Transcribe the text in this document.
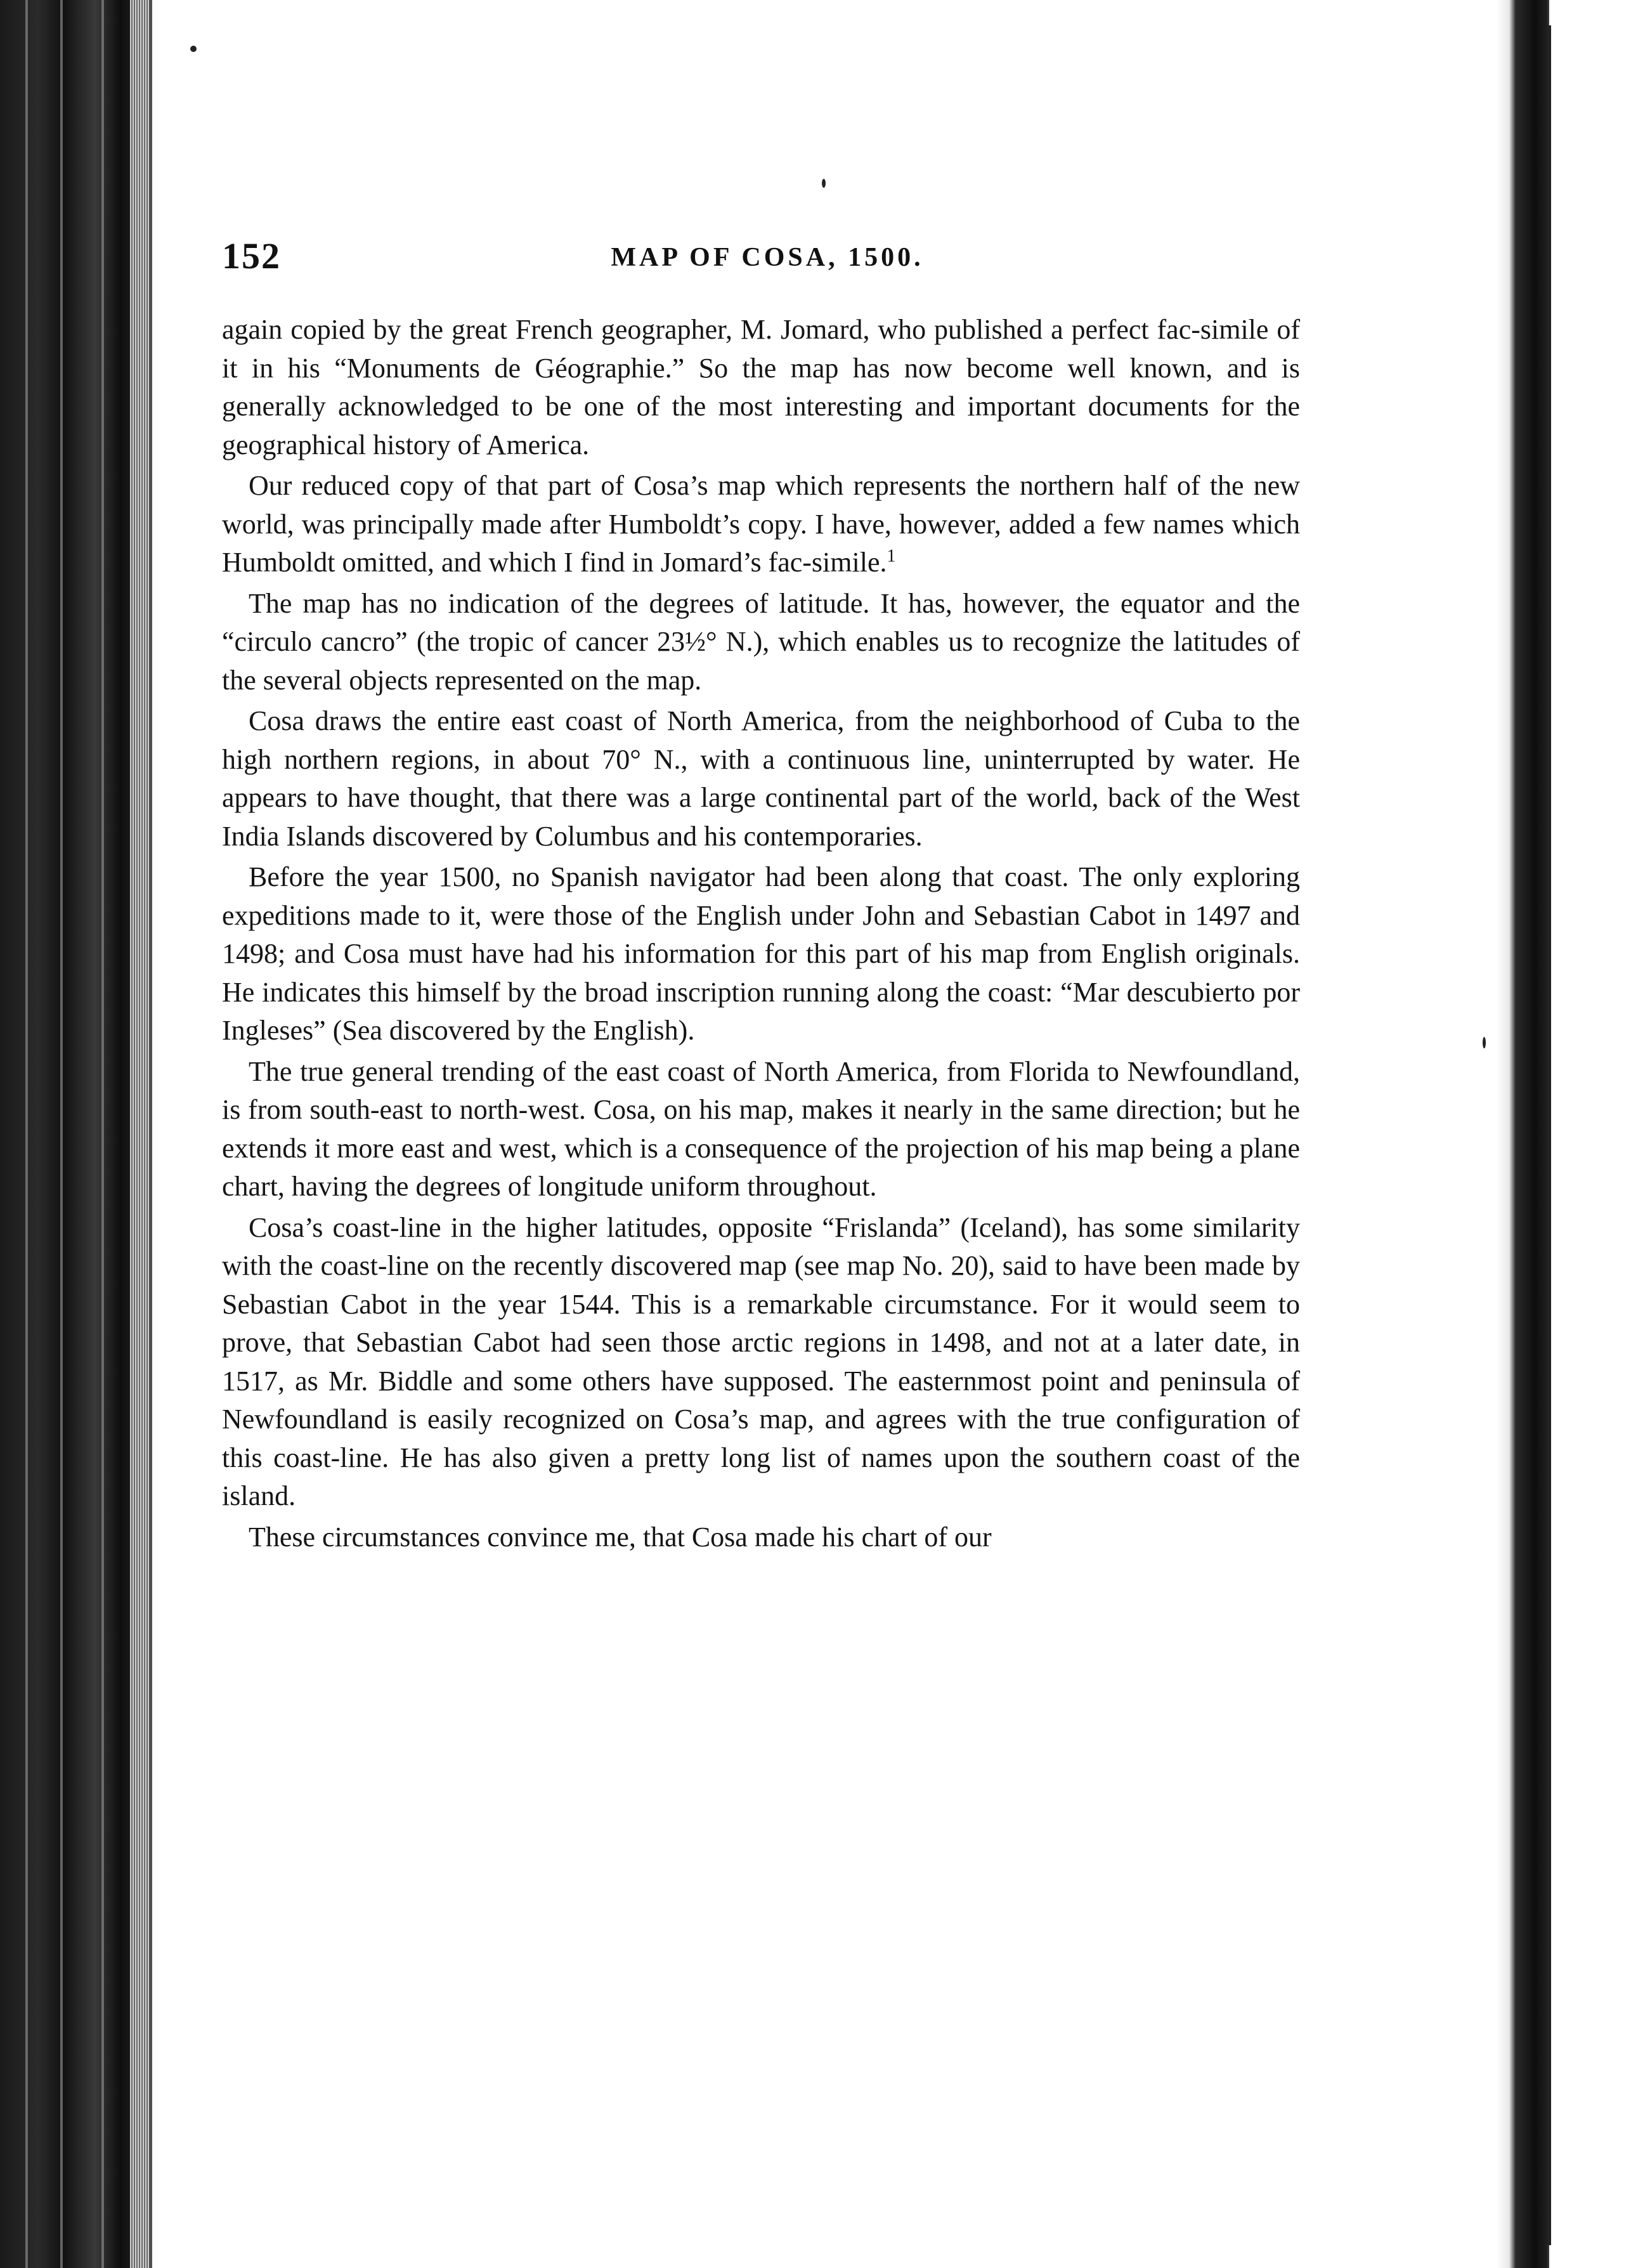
152	MAP OF COSA, 1500.

again copied by the great French geographer, M. Jomard, who published a perfect fac-simile of it in his “Monuments de Géographie.” So the map has now become well known, and is generally acknowledged to be one of the most interesting and important documents for the geographical history of America.

Our reduced copy of that part of Cosa’s map which represents the northern half of the new world, was principally made after Humboldt’s copy. I have, however, added a few names which Humboldt omitted, and which I find in Jomard’s fac-simile.$^1$

The map has no indication of the degrees of latitude. It has, however, the equator and the “circulo cancro” (the tropic of cancer 23½° N.), which enables us to recognize the latitudes of the several objects represented on the map.

Cosa draws the entire east coast of North America, from the neighborhood of Cuba to the high northern regions, in about 70° N., with a continuous line, uninterrupted by water. He appears to have thought, that there was a large continental part of the world, back of the West India Islands discovered by Columbus and his contemporaries.

Before the year 1500, no Spanish navigator had been along that coast. The only exploring expeditions made to it, were those of the English under John and Sebastian Cabot in 1497 and 1498; and Cosa must have had his information for this part of his map from English originals. He indicates this himself by the broad inscription running along the coast: “Mar descubierto por Ingleses” (Sea discovered by the English).

The true general trending of the east coast of North America, from Florida to Newfoundland, is from south-east to north-west. Cosa, on his map, makes it nearly in the same direction; but he extends it more east and west, which is a consequence of the projection of his map being a plane chart, having the degrees of longitude uniform throughout.

Cosa’s coast-line in the higher latitudes, opposite “Frislanda” (Iceland), has some similarity with the coast-line on the recently discovered map (see map No. 20), said to have been made by Sebastian Cabot in the year 1544. This is a remarkable circumstance. For it would seem to prove, that Sebastian Cabot had seen those arctic regions in 1498, and not at a later date, in 1517, as Mr. Biddle and some others have supposed. The easternmost point and peninsula of Newfoundland is easily recognized on Cosa’s map, and agrees with the true configuration of this coast-line. He has also given a pretty long list of names upon the southern coast of the island.

These circumstances convince me, that Cosa made his chart of our
